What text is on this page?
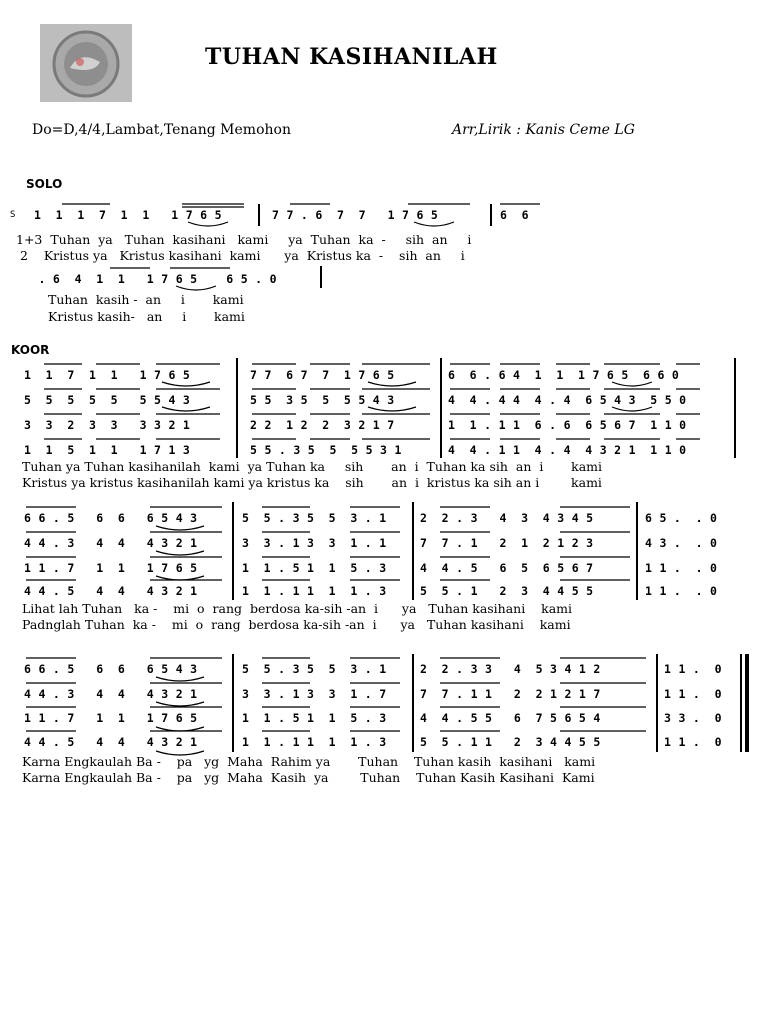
TUHAN KASIHANILAH
Do=D,4/4,Lambat,Tenang Memohon	Arr,Lirik : Kanis Ceme LG
SOLO
S 1  1  1  7  1  1   1 7 6 5	7 7 . 6  7  7   1 7 6 5	6  6
1+3  Tuhan  ya   Tuhan  kasihani   kami     ya  Tuhan  ka  -     sih  an     i
2    Kristus ya   Kristus kasihani  kami      ya  Kristus ka  -    sih  an     i
. 6  4  1  1   1 7 6 5    6 5 . 0
Tuhan  kasih -  an     i       kami
Kristus kasih-   an     i       kami
KOOR
1  1  7  1  1   1 7 6 5	7 7  6 7  7  1 7 6 5	6  6 . 6 4  1  1  1 7 6 5  6 6 0
5  5  5  5  5   5 5 4 3	5 5  3 5  5  5 5 4 3	4  4 . 4 4  4 . 4  6 5 4 3  5 5 0
3  3  2  3  3   3 3 2 1	2 2  1 2  2  3 2 1 7	1  1 . 1 1  6 . 6  6 5 6 7  1 1 0
1  1  5  1  1   1 7 1 3	5 5 . 3 5  5  5 5 3 1	4  4 . 1 1  4 . 4  4 3 2 1  1 1 0
Tuhan ya Tuhan kasihanilah  kami  ya Tuhan ka     sih       an  i  Tuhan ka sih  an  i       kami
Kristus ya kristus kasihanilah kami ya kristus ka    sih       an  i  kristus ka sih an i        kami
6 6 . 5   6  6   6 5 4 3	5  5 . 3 5  5  3 . 1	2  2 . 3   4  3  4 3 4 5	6 5 .  . 0
4 4 . 3   4  4   4 3 2 1	3  3 . 1 3  3  1 . 1	7  7 . 1   2  1  2 1 2 3	4 3 .  . 0
1 1 . 7   1  1   1 7 6 5	1  1 . 5 1  1  5 . 3	4  4 . 5   6  5  6 5 6 7	1 1 .  . 0
4 4 . 5   4  4   4 3 2 1	1  1 . 1 1  1  1 . 3	5  5 . 1   2  3  4 4 5 5	1 1 .  . 0
Lihat lah Tuhan   ka -    mi  o  rang  berdosa ka-sih -an  i      ya   Tuhan kasihani    kami
Padnglah Tuhan  ka -    mi  o  rang  berdosa ka-sih -an  i      ya   Tuhan kasihani    kami
6 6 . 5   6  6   6 5 4 3	5  5 . 3 5  5  3 . 1	2  2 . 3 3   4  5 3 4 1 2	1 1 .  0
4 4 . 3   4  4   4 3 2 1	3  3 . 1 3  3  1 . 7	7  7 . 1 1   2  2 1 2 1 7	1 1 .  0
1 1 . 7   1  1   1 7 6 5	1  1 . 5 1  1  5 . 3	4  4 . 5 5   6  7 5 6 5 4	3 3 .  0
4 4 . 5   4  4   4 3 2 1	1  1 . 1 1  1  1 . 3	5  5 . 1 1   2  3 4 4 5 5	1 1 .  0
Karna Engkaulah Ba -    pa   yg  Maha  Rahim ya       Tuhan    Tuhan kasih  kasihani   kami
Karna Engkaulah Ba -    pa   yg  Maha  Kasih  ya        Tuhan    Tuhan Kasih Kasihani  Kami
